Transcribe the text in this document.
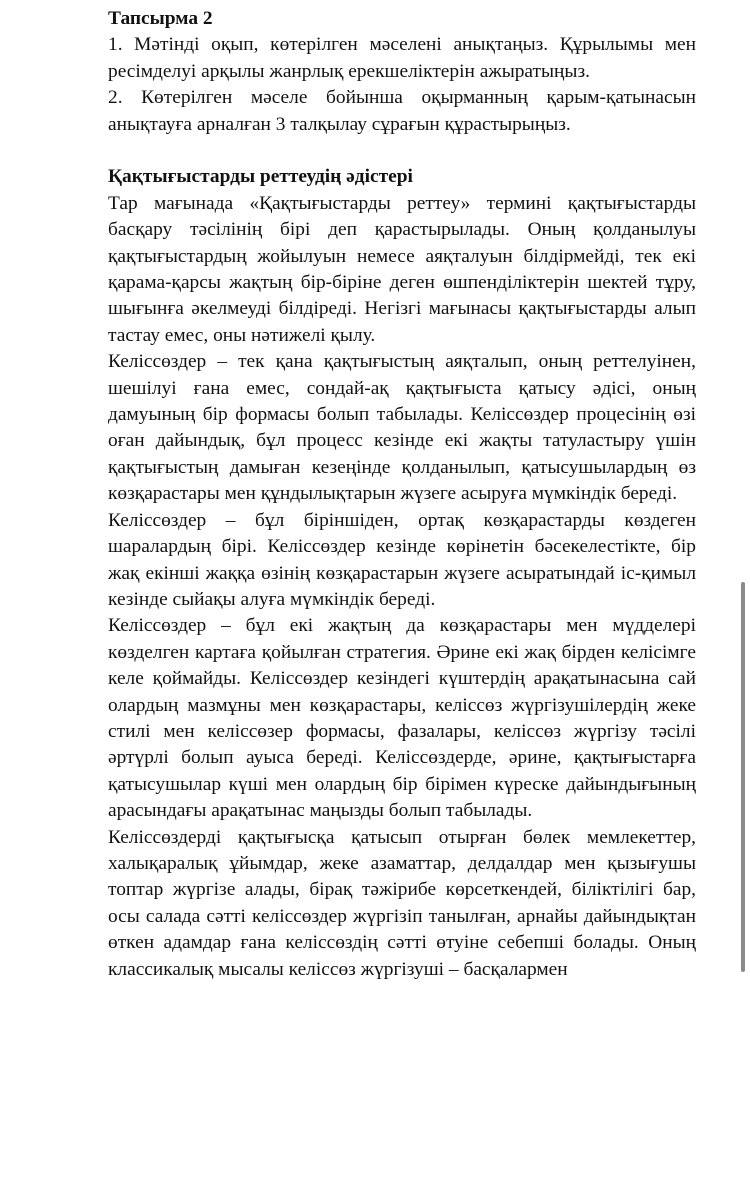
Тапсырма 2

1. Мәтінді оқып, көтерілген мәселені анықтаңыз. Құрылымы мен ресімделуі арқылы жанрлық ерекшеліктерін ажыратыңыз.

2. Көтерілген мәселе бойынша оқырманның қарым-қатынасын анықтауға арналған 3 талқылау сұрағын құрастырыңыз.

Қақтығыстарды реттеудің әдістері

Тар мағынада «Қақтығыстарды реттеу» термині қақтығыстарды басқару тәсілінің бірі деп қарастырылады. Оның қолданылуы қақтығыстардың жойылуын немесе аяқталуын білдірмейді, тек екі қарама-қарсы жақтың бір-біріне деген өшпенділіктерін шектей тұру, шығынға әкелмеуді білдіреді. Негізгі мағынасы қақтығыстарды алып тастау емес, оны нәтижелі қылу.

Келіссөздер – тек қана қақтығыстың аяқталып, оның реттелуінен, шешілуі ғана емес, сондай-ақ қақтығыста қатысу әдісі, оның дамуының бір формасы болып табылады. Келіссөздер процесінің өзі оған дайындық, бұл процесс кезінде екі жақты татуластыру үшін қақтығыстың дамыған кезеңінде қолданылып, қатысушылардың өз көзқарастары мен құндылықтарын жүзеге асыруға мүмкіндік береді.

Келіссөздер – бұл біріншіден, ортақ көзқарастарды көздеген шаралардың бірі. Келіссөздер кезінде көрінетін бәсекелестікте, бір жақ екінші жаққа өзінің көзқарастарын жүзеге асыратындай іс-қимыл кезінде сыйақы алуға мүмкіндік береді.

Келіссөздер – бұл екі жақтың да көзқарастары мен мүдделері көзделген картаға қойылған стратегия. Әрине екі жақ бірден келісімге келе қоймайды. Келіссөздер кезіндегі күштердің арақатынасына сай олардың мазмұны мен көзқарастары, келіссөз жүргізушілердің жеке стилі мен келіссөзер формасы, фазалары, келіссөз жүргізу тәсілі әртүрлі болып ауыса береді. Келіссөздерде, әрине, қақтығыстарға қатысушылар күші мен олардың бір бірімен күреске дайындығының арасындағы арақатынас маңызды болып табылады.

Келіссөздерді қақтығысқа қатысып отырған бөлек мемлекеттер, халықаралық ұйымдар, жеке азаматтар, делдалдар мен қызығушы топтар жүргізе алады, бірақ тәжірибе көрсеткендей, біліктілігі бар, осы салада сәтті келіссөздер жүргізіп танылған, арнайы дайындықтан өткен адамдар ғана келіссөздің сәтті өтуіне себепші болады. Оның классикалық мысалы келіссөз жүргізуші – басқалармен
